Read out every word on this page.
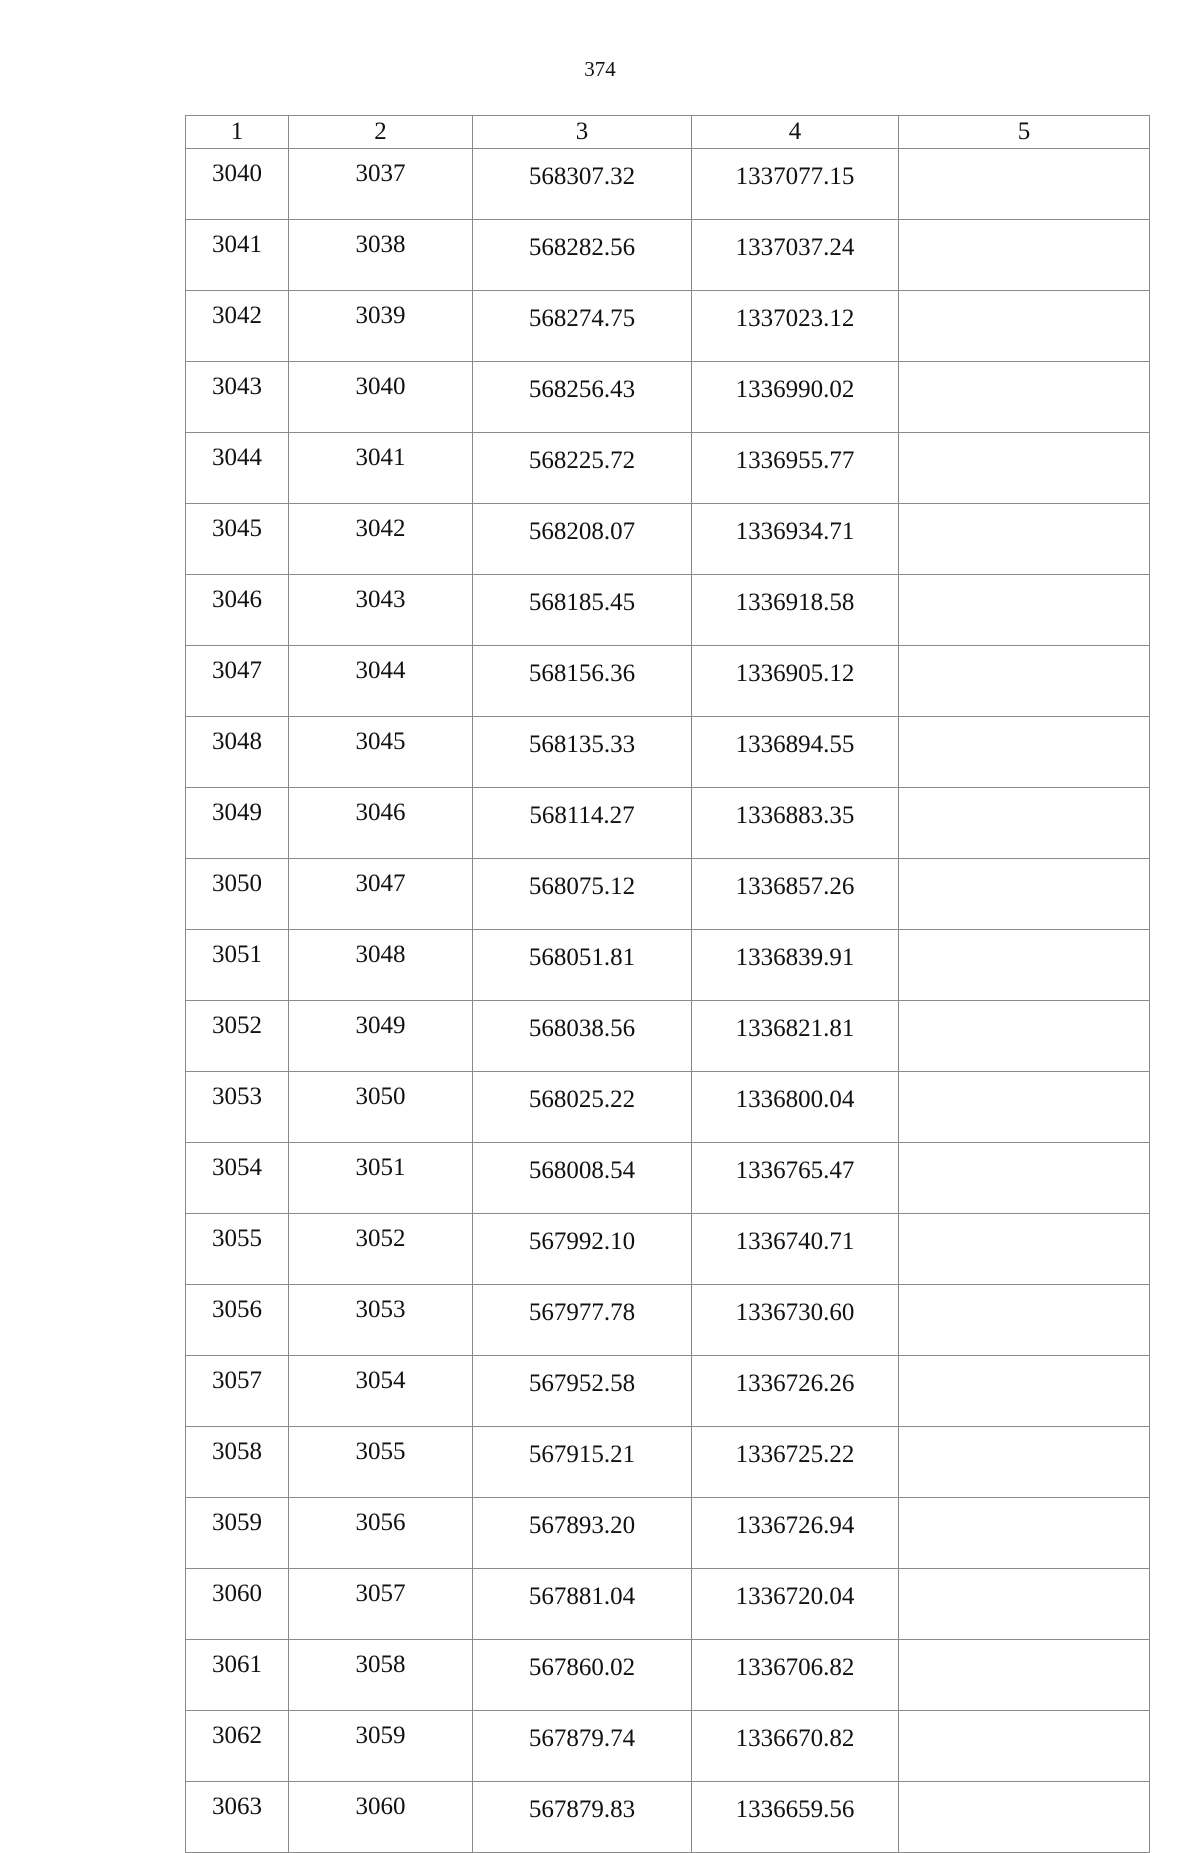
374
1	2	3	4	5
3040	3037	568307.32	1337077.15	
3041	3038	568282.56	1337037.24	
3042	3039	568274.75	1337023.12	
3043	3040	568256.43	1336990.02	
3044	3041	568225.72	1336955.77	
3045	3042	568208.07	1336934.71	
3046	3043	568185.45	1336918.58	
3047	3044	568156.36	1336905.12	
3048	3045	568135.33	1336894.55	
3049	3046	568114.27	1336883.35	
3050	3047	568075.12	1336857.26	
3051	3048	568051.81	1336839.91	
3052	3049	568038.56	1336821.81	
3053	3050	568025.22	1336800.04	
3054	3051	568008.54	1336765.47	
3055	3052	567992.10	1336740.71	
3056	3053	567977.78	1336730.60	
3057	3054	567952.58	1336726.26	
3058	3055	567915.21	1336725.22	
3059	3056	567893.20	1336726.94	
3060	3057	567881.04	1336720.04	
3061	3058	567860.02	1336706.82	
3062	3059	567879.74	1336670.82	
3063	3060	567879.83	1336659.56	
